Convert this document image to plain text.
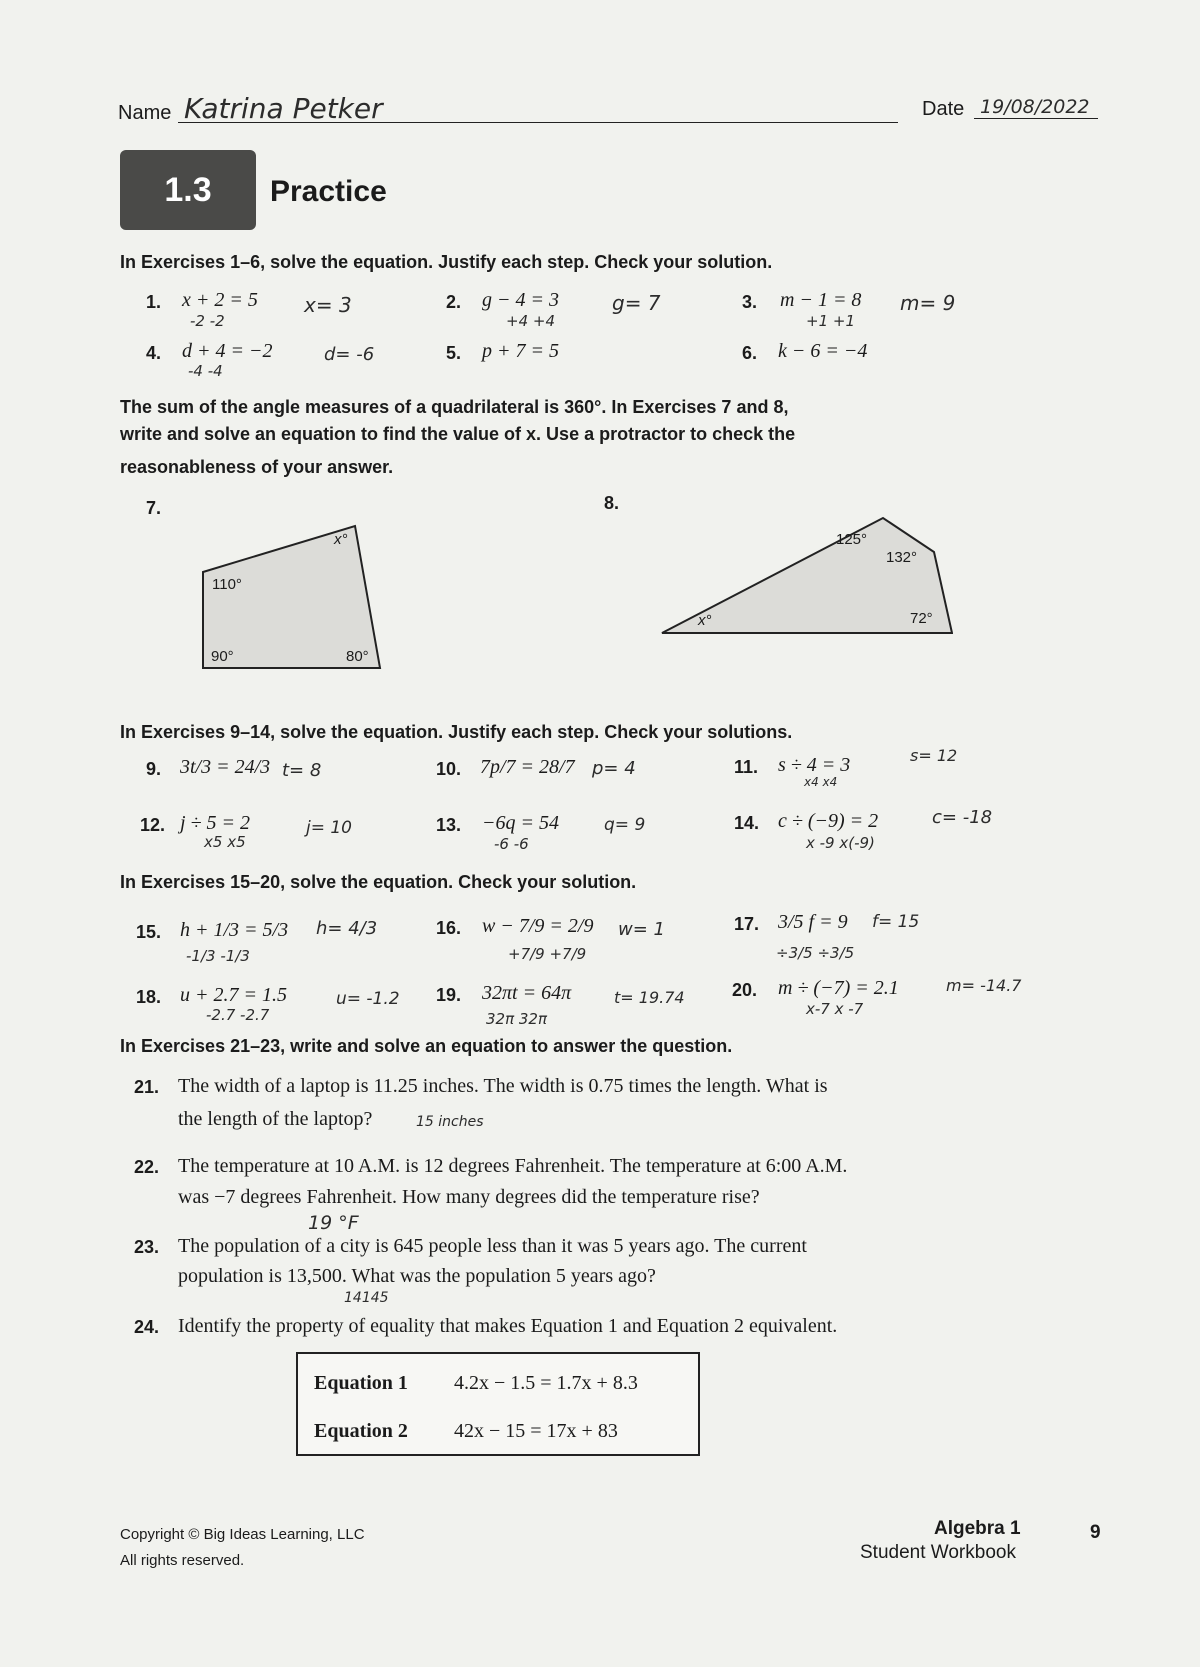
Name Katrina Petker	Date 19/08/2022
1.3	Practice
In Exercises 1–6, solve the equation. Justify each step. Check your solution.
1. x + 2 = 5
-2 -2
x= 3	2. g − 4 = 3
+4 +4
g= 7	3. m − 1 = 8
+1 +1
m= 9
4. d + 4 = −2
-4 -4
d= -6	5. p + 7 = 5	6. k − 6 = −4
The sum of the angle measures of a quadrilateral is 360°. In Exercises 7 and 8,
write and solve an equation to find the value of x. Use a protractor to check the
reasonableness of your answer.
7.	8.
x°
110°
90°	80°
125°
132°
72°
x°
In Exercises 9–14, solve the equation. Justify each step. Check your solutions.
9. 3t/3 = 24/3 t= 8	10. 7p/7 = 28/7 p= 4	11. s ÷ 4 = 3
x4 x4
s= 12
12. j ÷ 5 = 2
x5 x5
j= 10	13. −6q = 54
-6 -6
q= 9	14. c ÷ (−9) = 2
x -9 x(-9)
c= -18
In Exercises 15–20, solve the equation. Check your solution.
15. h + 1/3 = 5/3
-1/3 -1/3
h= 4/3	16. w − 7/9 = 2/9
+7/9 +7/9
w= 1	17. 3/5 f = 9
÷3/5 ÷3/5
f= 15
18. u + 2.7 = 1.5
-2.7 -2.7
u= -1.2 19. 32πt = 64π
32π 32π
t= 19.74	20. m ÷ (−7) = 2.1
x-7 x -7
m= -14.7
In Exercises 21–23, write and solve an equation to answer the question.
21. The width of a laptop is 11.25 inches. The width is 0.75 times the length. What is
the length of the laptop?	15 inches
22. The temperature at 10 A.M. is 12 degrees Fahrenheit. The temperature at 6:00 A.M.
was −7 degrees Fahrenheit. How many degrees did the temperature rise?
19 °F
23. The population of a city is 645 people less than it was 5 years ago. The current
population is 13,500. What was the population 5 years ago?
14145
24. Identify the property of equality that makes Equation 1 and Equation 2 equivalent.
Equation 1 4.2x − 1.5 = 1.7x + 8.3
Equation 2 42x − 15 = 17x + 83
Copyright © Big Ideas Learning, LLC
All rights reserved.
Algebra 1
Student Workbook
9
